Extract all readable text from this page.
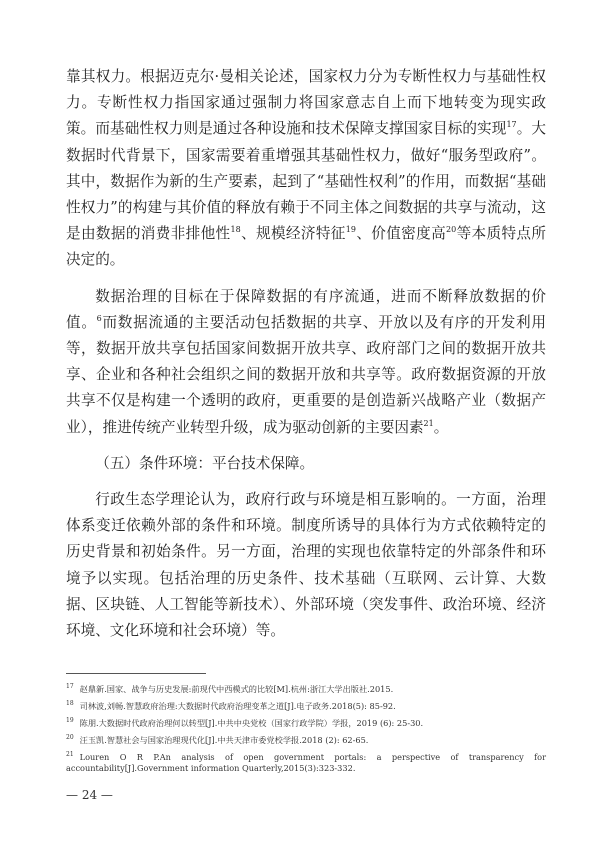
靠其权力。根据迈克尔·曼相关论述，国家权力分为专断性权力与基础性权力。专断性权力指国家通过强制力将国家意志自上而下地转变为现实政策。而基础性权力则是通过各种设施和技术保障支撑国家目标的实现$^{17}$。大数据时代背景下，国家需要着重增强其基础性权力，做好“服务型政府”。其中，数据作为新的生产要素，起到了“基础性权利”的作用，而数据“基础性权力”的构建与其价值的释放有赖于不同主体之间数据的共享与流动，这是由数据的消费非排他性$^{18}$、规模经济特征$^{19}$、价值密度高$^{20}$等本质特点所决定的。

数据治理的目标在于保障数据的有序流通，进而不断释放数据的价值。$^6$而数据流通的主要活动包括数据的共享、开放以及有序的开发利用等，数据开放共享包括国家间数据开放共享、政府部门之间的数据开放共享、企业和各种社会组织之间的数据开放和共享等。政府数据资源的开放共享不仅是构建一个透明的政府，更重要的是创造新兴战略产业（数据产业），推进传统产业转型升级，成为驱动创新的主要因素$^{21}$。

（五）条件环境：平台技术保障。

行政生态学理论认为，政府行政与环境是相互影响的。一方面，治理体系变迁依赖外部的条件和环境。制度所诱导的具体行为方式依赖特定的历史背景和初始条件。另一方面，治理的实现也依靠特定的外部条件和环境予以实现。包括治理的历史条件、技术基础（互联网、云计算、大数据、区块链、人工智能等新技术）、外部环境（突发事件、政治环境、经济环境、文化环境和社会环境）等。

$^{17}$ 赵鼎新.国家、战争与历史发展:前现代中西模式的比较[M].杭州:浙江大学出版社.2015.

$^{18}$ 司林波,刘畅.智慧政府治理:大数据时代政府治理变革之道[J].电子政务.2018(5): 85-92.

$^{19}$ 陈朋.大数据时代政府治理何以转型[J].中共中央党校（国家行政学院）学报，2019 (6): 25-30.

$^{20}$ 汪玉凯.智慧社会与国家治理现代化[J].中共天津市委党校学报.2018 (2): 62-65.

$^{21}$ Louren O R P.An analysis of open government portals: a perspective of transparency for accountability[J].Government information Quarterly,2015(3):323-332.

— 24 —
